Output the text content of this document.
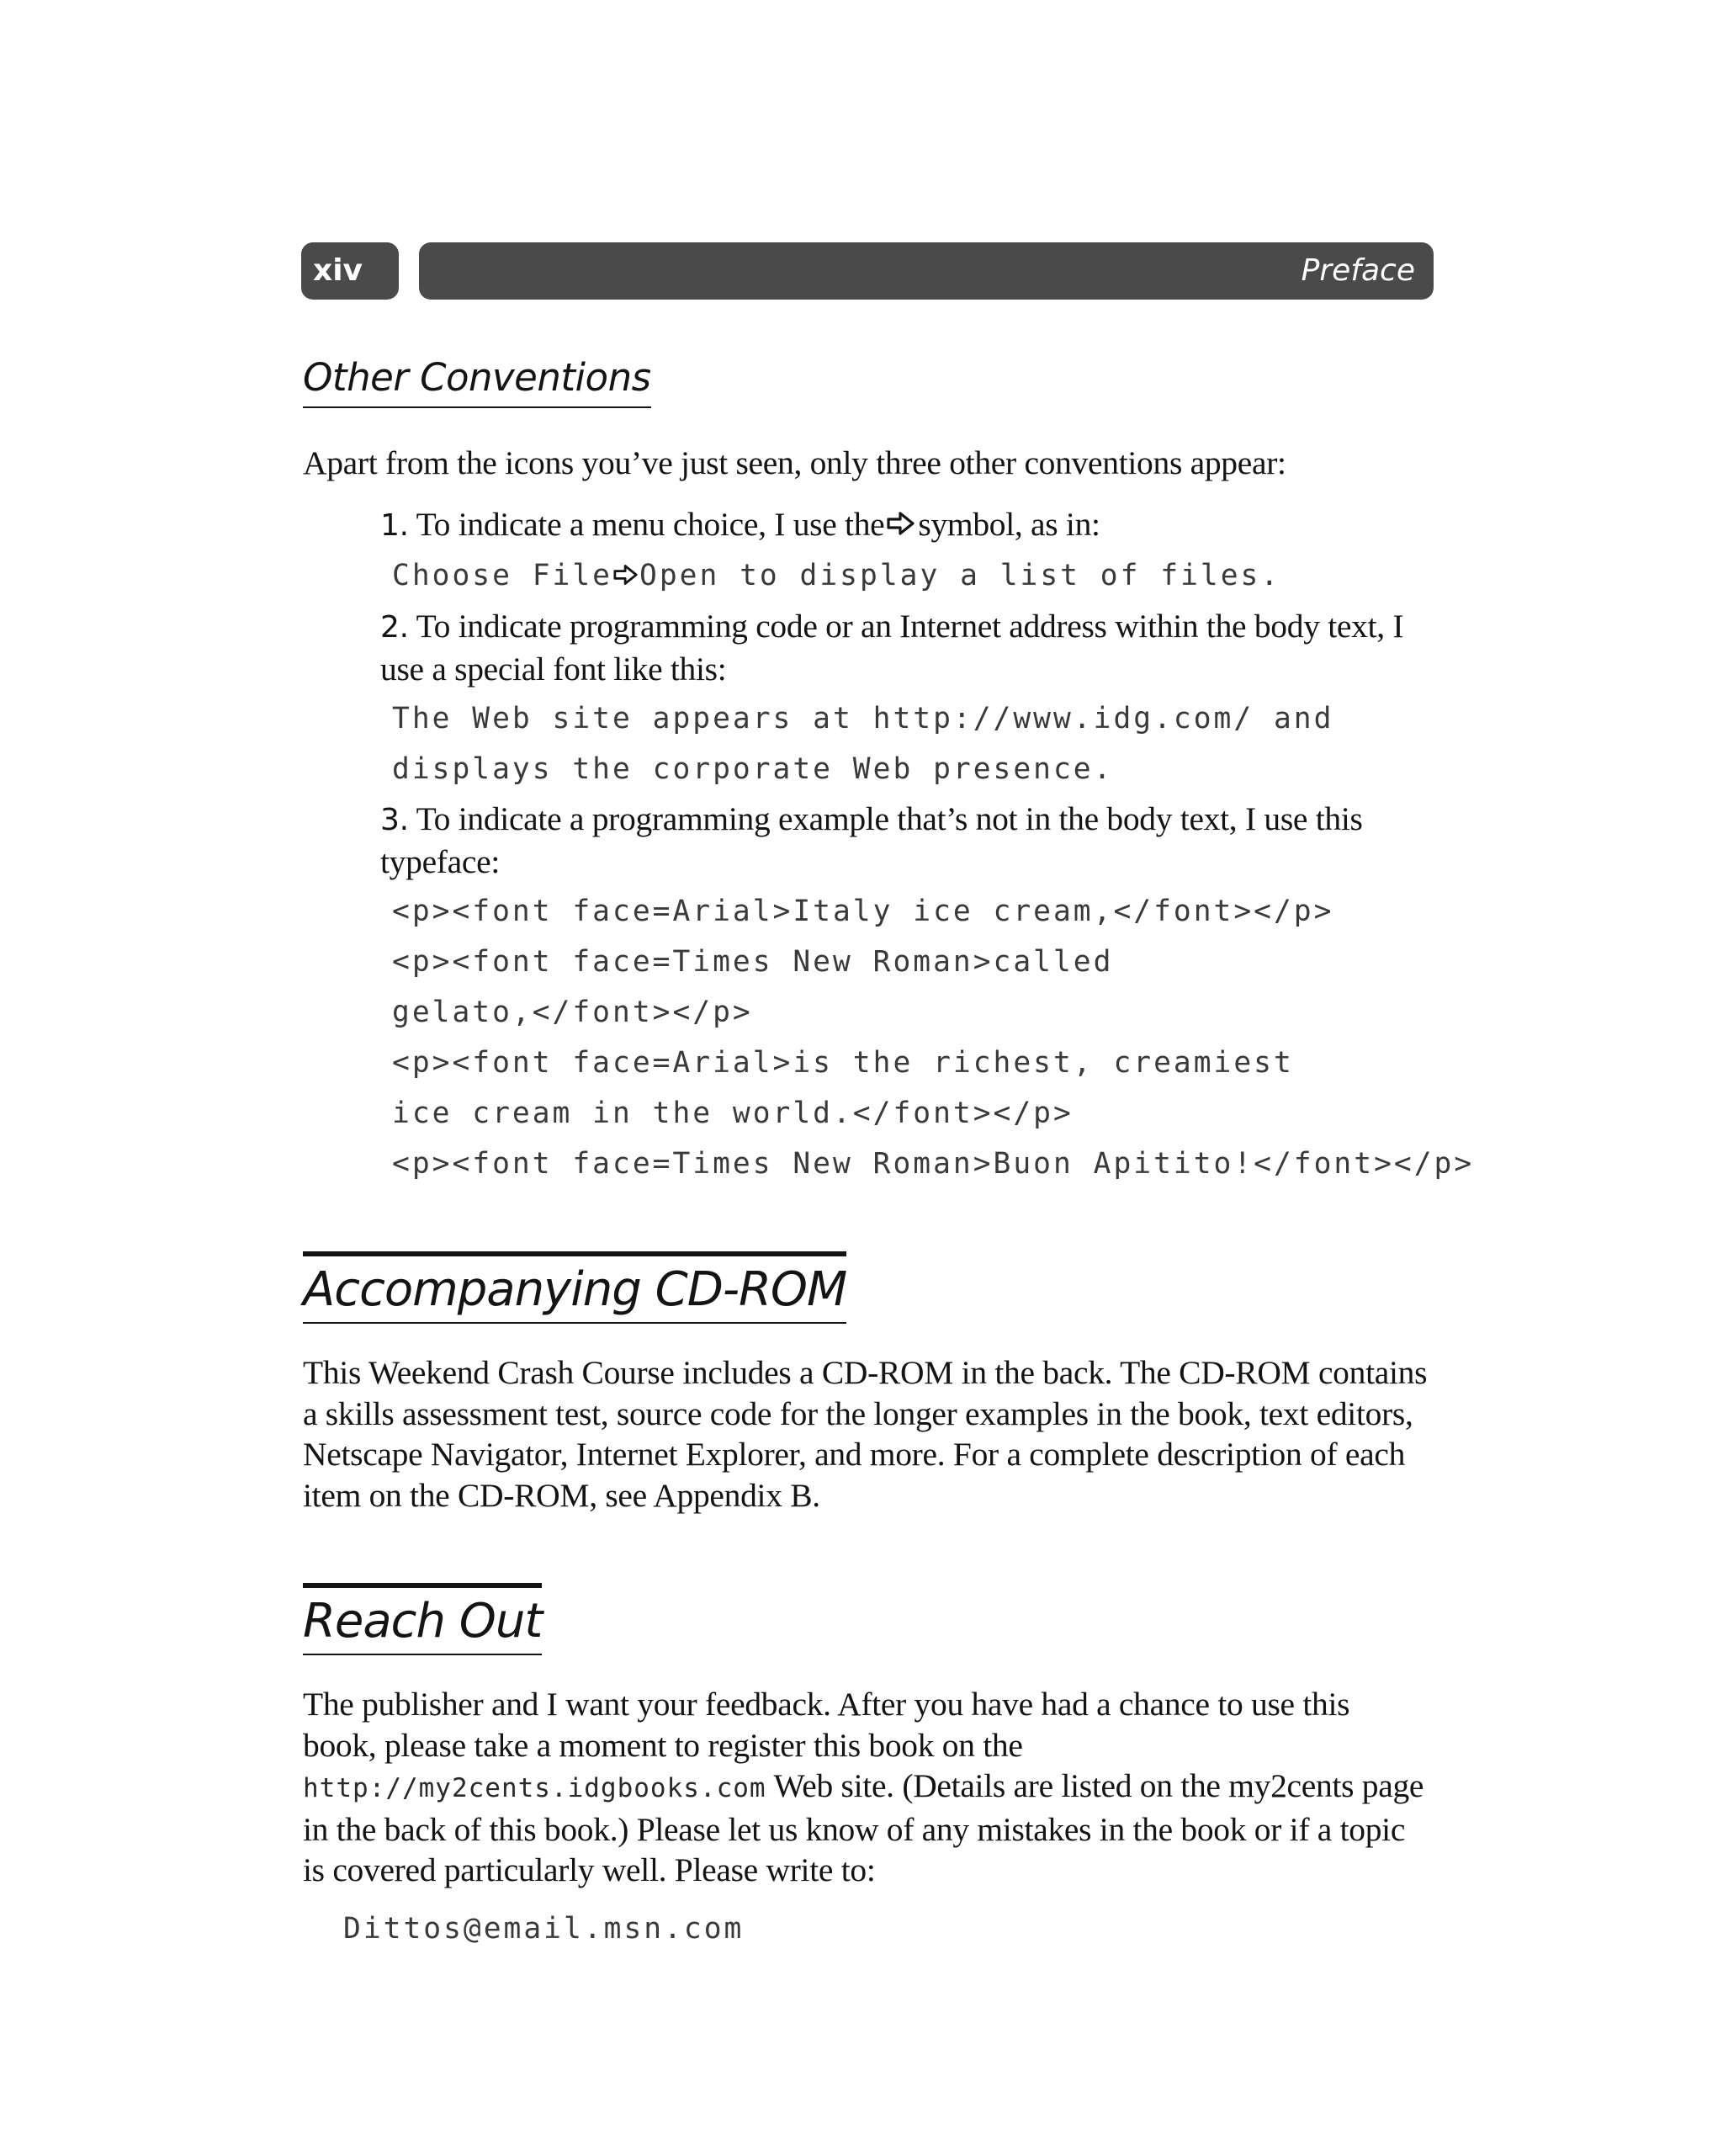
xiv	Preface
Other Conventions

Apart from the icons you’ve just seen, only three other conventions appear:

1. To indicate a menu choice, I use the symbol, as in:

Choose File Open to display a list of files.

2. To indicate programming code or an Internet address within the body text, I use a special font like this:

The Web site appears at http://www.idg.com/ and
displays the corporate Web presence.

3. To indicate a programming example that’s not in the body text, I use this typeface:

<p><font face=Arial>Italy ice cream,</font></p>
<p><font face=Times New Roman>called
gelato,</font></p>
<p><font face=Arial>is the richest, creamiest
ice cream in the world.</font></p>
<p><font face=Times New Roman>Buon Apitito!</font></p>
Accompanying CD-ROM

This Weekend Crash Course includes a CD-ROM in the back. The CD-ROM contains a skills assessment test, source code for the longer examples in the book, text editors, Netscape Navigator, Internet Explorer, and more. For a complete description of each item on the CD-ROM, see Appendix B.

Reach Out

The publisher and I want your feedback. After you have had a chance to use this book, please take a moment to register this book on the http://my2cents.idgbooks.com Web site. (Details are listed on the my2cents page in the back of this book.) Please let us know of any mistakes in the book or if a topic is covered particularly well. Please write to:

Dittos@email.msn.com
